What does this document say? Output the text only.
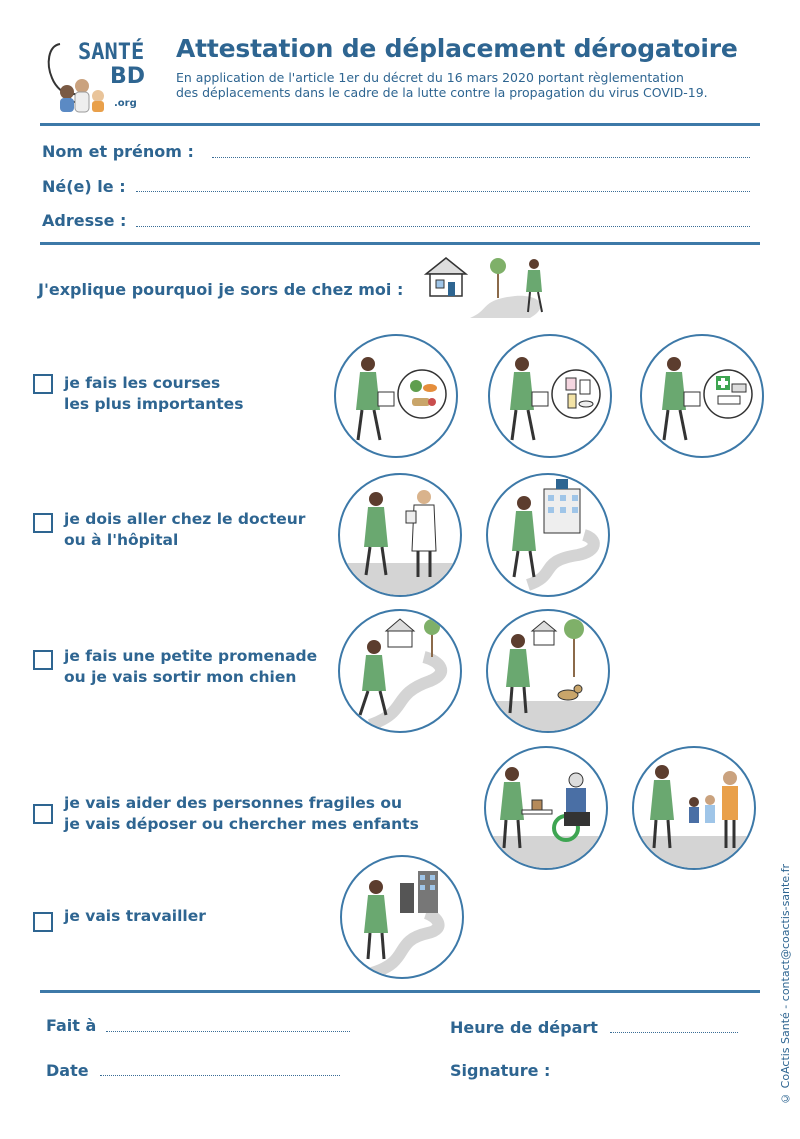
SANTÉ
BD
.org
Attestation de déplacement dérogatoire
En application de l'article 1er du décret du 16 mars 2020 portant règlementation
des déplacements dans le cadre de la lutte contre la propagation du virus COVID-19.
Nom et prénom :
Né(e) le :
Adresse :
J'explique pourquoi je sors de chez moi :
je fais les courses
les plus importantes
je dois aller chez le docteur
ou à l'hôpital
je fais une petite promenade
ou je vais sortir mon chien
je vais aider des personnes fragiles ou
je vais déposer ou chercher mes enfants
je vais travailler
Fait à
Date
Heure de départ
Signature :	© CoActis Santé - contact@coactis-sante.fr
